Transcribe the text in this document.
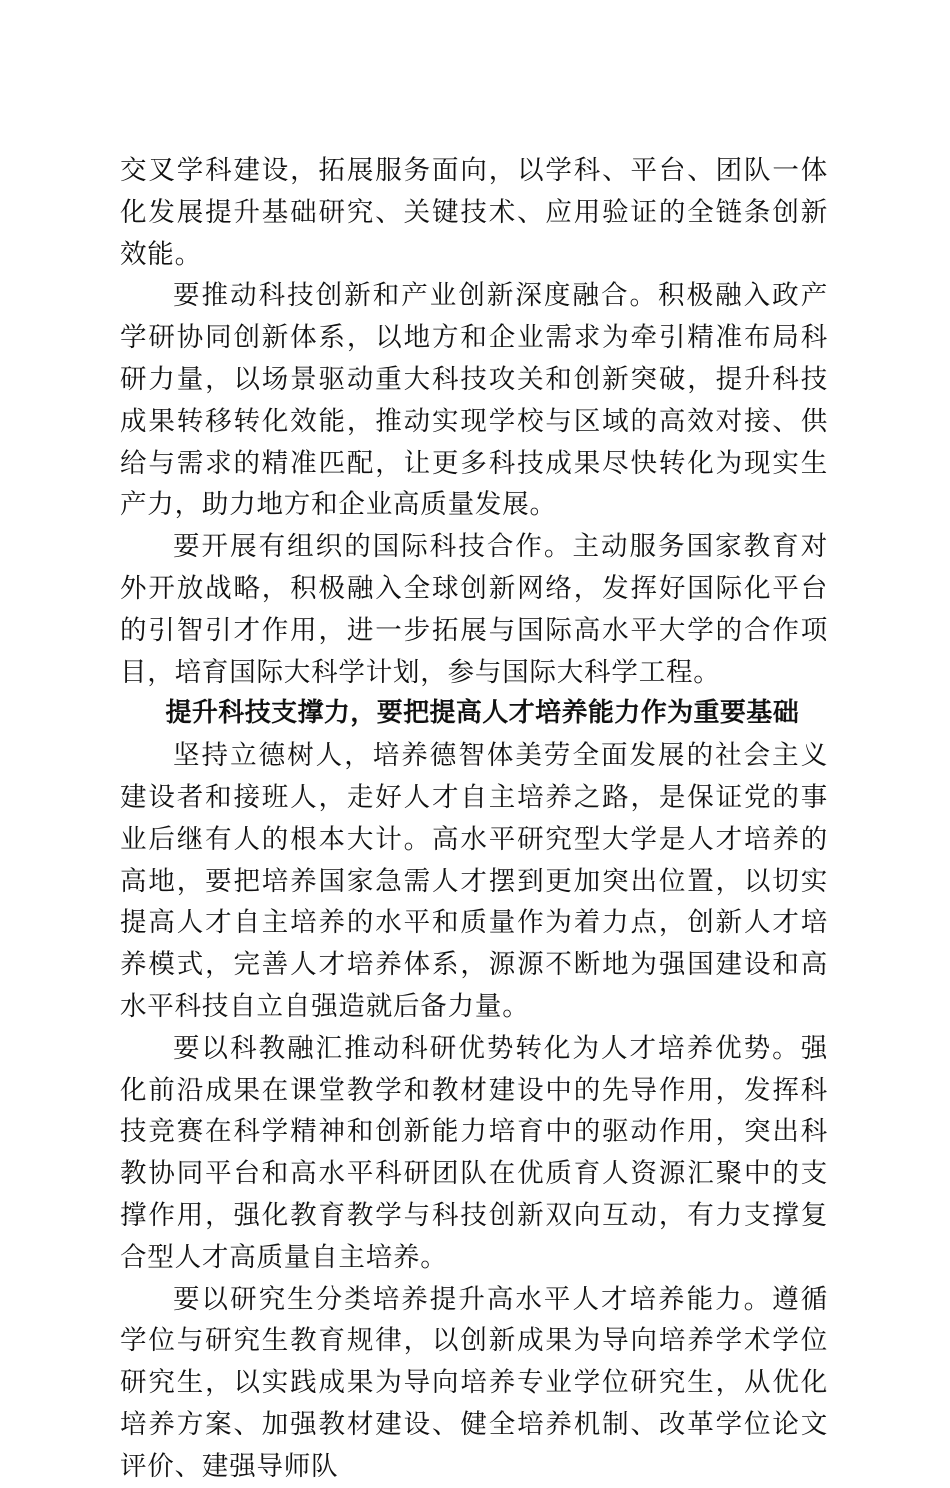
交叉学科建设，拓展服务面向，以学科、平台、团队一体化发展提升基础研究、关键技术、应用验证的全链条创新效能。

要推动科技创新和产业创新深度融合。积极融入政产学研协同创新体系，以地方和企业需求为牵引精准布局科研力量，以场景驱动重大科技攻关和创新突破，提升科技成果转移转化效能，推动实现学校与区域的高效对接、供给与需求的精准匹配，让更多科技成果尽快转化为现实生产力，助力地方和企业高质量发展。

要开展有组织的国际科技合作。主动服务国家教育对外开放战略，积极融入全球创新网络，发挥好国际化平台的引智引才作用，进一步拓展与国际高水平大学的合作项目，培育国际大科学计划，参与国际大科学工程。

提升科技支撑力，要把提高人才培养能力作为重要基础

坚持立德树人，培养德智体美劳全面发展的社会主义建设者和接班人，走好人才自主培养之路，是保证党的事业后继有人的根本大计。高水平研究型大学是人才培养的高地，要把培养国家急需人才摆到更加突出位置，以切实提高人才自主培养的水平和质量作为着力点，创新人才培养模式，完善人才培养体系，源源不断地为强国建设和高水平科技自立自强造就后备力量。

要以科教融汇推动科研优势转化为人才培养优势。强化前沿成果在课堂教学和教材建设中的先导作用，发挥科技竞赛在科学精神和创新能力培育中的驱动作用，突出科教协同平台和高水平科研团队在优质育人资源汇聚中的支撑作用，强化教育教学与科技创新双向互动，有力支撑复合型人才高质量自主培养。

要以研究生分类培养提升高水平人才培养能力。遵循学位与研究生教育规律，以创新成果为导向培养学术学位研究生，以实践成果为导向培养专业学位研究生，从优化培养方案、加强教材建设、健全培养机制、改革学位论文评价、建强导师队
